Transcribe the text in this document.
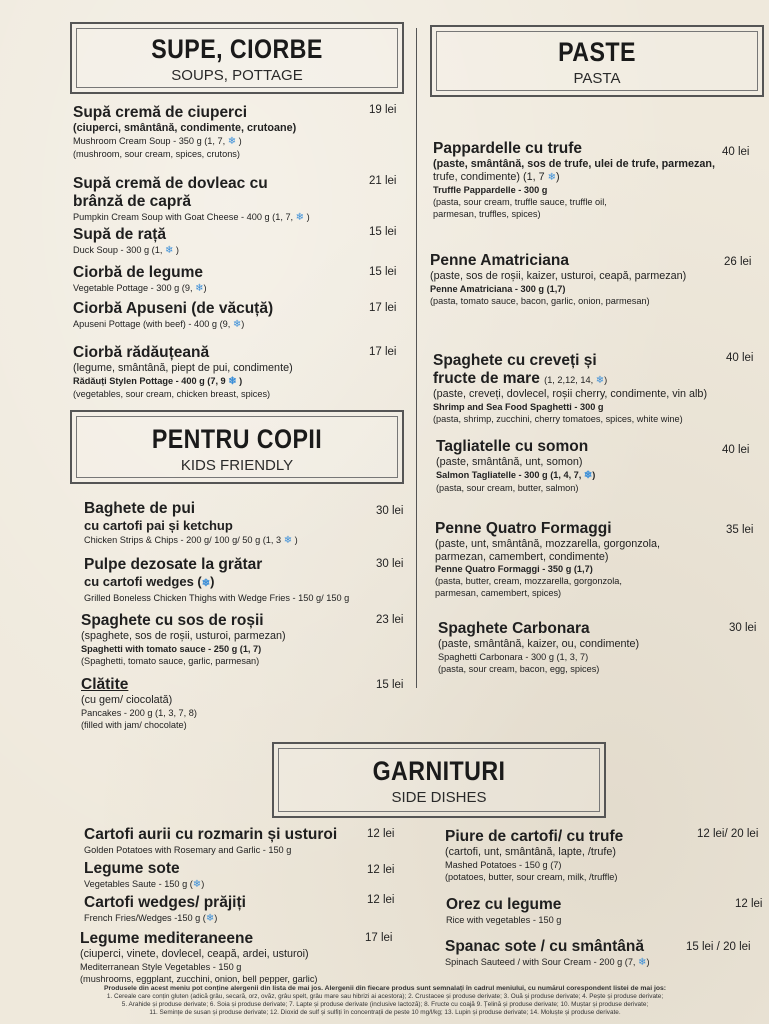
SUPE, CIORBE
SOUPS, POTTAGE
PASTE
PASTA
PENTRU COPII
KIDS FRIENDLY
GARNITURI
SIDE DISHES
Supă cremă de ciuperci
(ciuperci, smântână, condimente, crutoane)
Mushroom Cream Soup - 350 g (1, 7, ❄ )
(mushroom, sour cream, spices, crutons)
19 lei
Supă cremă de dovleac cu
brânză de capră
Pumpkin Cream Soup with Goat Cheese - 400 g (1, 7, ❄ )
21 lei
Supă de rață
Duck Soup - 300 g (1, ❄ )
15 lei
Ciorbă de legume
Vegetable Pottage - 300 g (9, ❄)
15 lei
Ciorbă Apuseni (de văcuță)
Apuseni Pottage (with beef) - 400 g (9, ❄)
17 lei
Ciorbă rădăuțeană
(legume, smântână, piept de pui, condimente)
Rădăuți Stylen Pottage - 400 g (7, 9 ❄ )
(vegetables, sour cream, chicken breast, spices)
17 lei
Baghete de pui
cu cartofi pai și ketchup
Chicken Strips & Chips - 200 g/ 100 g/ 50 g (1, 3 ❄ )
30 lei
Pulpe dezosate la grătar
cu cartofi wedges (❄)
Grilled Boneless Chicken Thighs with Wedge Fries - 150 g/ 150 g
30 lei
Spaghete cu sos de roșii
(spaghete, sos de roșii, usturoi, parmezan)
Spaghetti with tomato sauce - 250 g (1, 7)
(Spaghetti, tomato sauce, garlic, parmesan)
23 lei
Clătite
(cu gem/ ciocolată)
Pancakes - 200 g (1, 3, 7, 8)
(filled with jam/ chocolate)
15 lei
Pappardelle cu trufe
(paste, smântână, sos de trufe, ulei de trufe, parmezan,
trufe, condimente) (1, 7 ❄)
Truffle Pappardelle - 300 g
(pasta, sour cream, truffle sauce, truffle oil,
parmesan, truffles, spices)
40 lei
Penne Amatriciana
(paste, sos de roșii, kaizer, usturoi, ceapă, parmezan)
Penne Amatriciana - 300 g (1,7)
(pasta, tomato sauce, bacon, garlic, onion, parmesan)
26 lei
Spaghete cu creveți și
fructe de mare (1, 2,12, 14, ❄)
(paste, creveți, dovlecel, roșii cherry, condimente, vin alb)
Shrimp and Sea Food Spaghetti - 300 g
(pasta, shrimp, zucchini, cherry tomatoes, spices, white wine)
40 lei
Tagliatelle cu somon
(paste, smântână, unt, somon)
Salmon Tagliatelle - 300 g (1, 4, 7, ❄)
(pasta, sour cream, butter, salmon)
40 lei
Penne Quatro Formaggi
(paste, unt, smântână, mozzarella, gorgonzola,
parmezan, camembert, condimente)
Penne Quatro Formaggi - 350 g (1,7)
(pasta, butter, cream, mozzarella, gorgonzola,
parmesan, camembert, spices)
35 lei
Spaghete Carbonara
(paste, smântână, kaizer, ou, condimente)
Spaghetti Carbonara - 300 g (1, 3, 7)
(pasta, sour cream, bacon, egg, spices)
30 lei
Cartofi aurii cu rozmarin și usturoi
Golden Potatoes with Rosemary and Garlic - 150 g
12 lei
Legume sote
Vegetables Saute - 150 g (❄)
12 lei
Cartofi wedges/ prăjiți
French Fries/Wedges -150 g (❄)
12 lei
Legume mediteraneene
(ciuperci, vinete, dovlecel, ceapă, ardei, usturoi)
Mediterranean Style Vegetables - 150 g
(mushrooms, eggplant, zucchini, onion, bell pepper, garlic)
17 lei
Piure de cartofi/ cu trufe
(cartofi, unt, smântână, lapte, /trufe)
Mashed Potatoes - 150 g (7)
(potatoes, butter, sour cream, milk, /truffle)
12 lei/ 20 lei
Orez cu legume
Rice with vegetables - 150 g
12 lei
Spanac sote / cu smântână
Spinach Sauteed / with Sour Cream - 200 g (7, ❄)
15 lei / 20 lei
Produsele din acest meniu pot conține alergenii din lista de mai jos. Alergenii din fiecare produs sunt semnalați în cadrul meniului, cu numărul corespondent listei de mai jos:
1. Cereale care conțin gluten (adică grâu, secară, orz, ovăz, grâu spelt, grâu mare sau hibrizi ai acestora); 2. Crustacee și produse derivate; 3. Ouă și produse derivate; 4. Pește și produse derivate;
5. Arahide și produse derivate; 6. Soia și produse derivate; 7. Lapte și produse derivate (inclusive lactoză); 8. Fructe cu coajă 9. Țelină și produse derivate; 10. Muștar și produse derivate;
11. Semințe de susan și produse derivate; 12. Dioxid de sulf și sulfiți în concentrații de peste 10 mg/l/kg; 13. Lupin și produse derivate; 14. Moluște și produse derivate.
